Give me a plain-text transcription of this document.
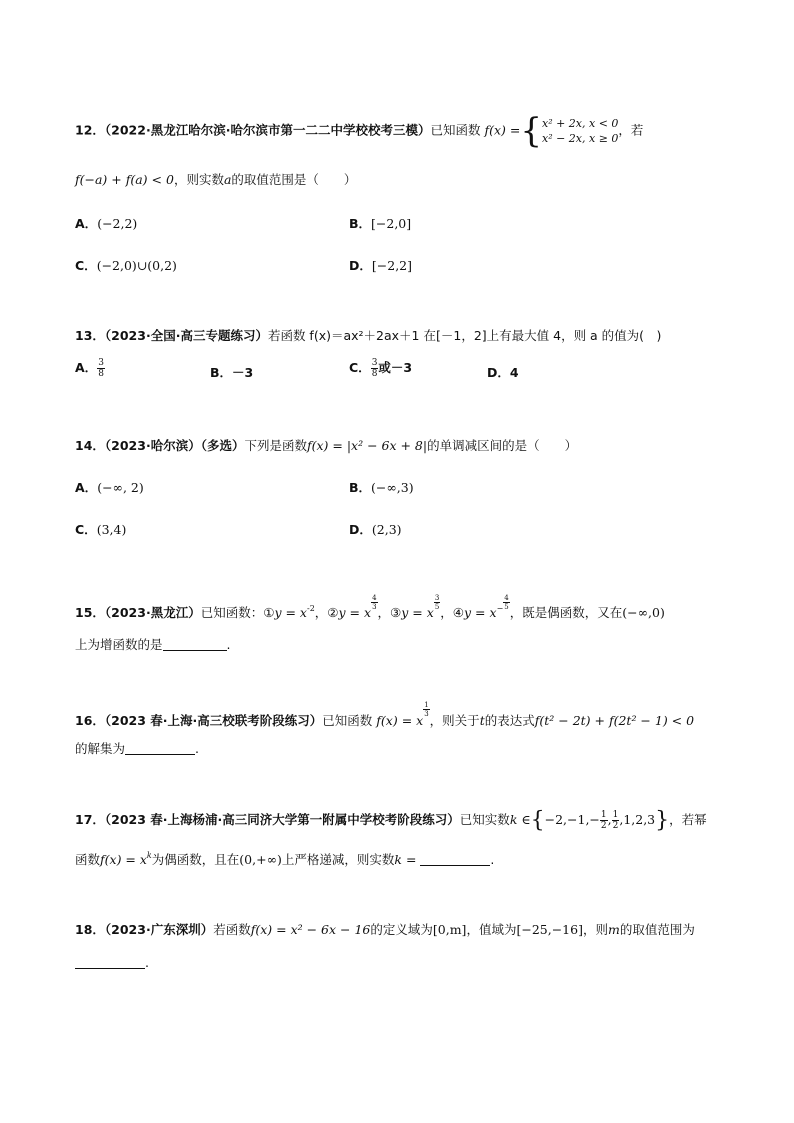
12．（2022·黑龙江哈尔滨·哈尔滨市第一二二中学校校考三模）已知函数 f(x) ={ x² + 2x, x < 0
x² − 2x, x ≥ 0
，若
f(−a) + f(a) < 0，则实数a的取值范围是（　　）
A．(−2,2)	B．[−2,0]
C．(−2,0)∪(0,2)	D．[−2,2]
13．（2023·全国·高三专题练习）若函数 f(x)＝ax²＋2ax＋1 在[－1，2]上有最大值 4，则 a 的值为(　)
A． $\frac{3}{8}$	B．－3	C． $\frac{3}{8}$ 或－3	D．4
14．（2023·哈尔滨）（多选）下列是函数f(x) = |x² − 6x + 8|的单调减区间的是（　　）
A．(−∞, 2)	B．(−∞,3)
C．(3,4)	D．(2,3)
15．（2023·黑龙江）已知函数：①y = $x^{-2}$，②y = x
$\frac{4}{3}$
，③y = x
$\frac{3}{5}$
，④y = $x^- \frac{4}{5}$
，既是偶函数，又在(−∞,0)
上为增函数的是	.
16．（2023 春·上海·高三校联考阶段练习）已知函数 f(x) = x
$\frac{1}{3}$
，则关于t的表达式f(t² − 2t) + f(2t² − 1) < 0
的解集为	.
17．（2023 春·上海杨浦·高三同济大学第一附属中学校考阶段练习）已知实数k ∈{−2,−1,− $\frac{1}{2}$ , $\frac{1}{2} ,1,2,3$}，若幂
函数$f(x) = x^k$为偶函数，且在(0,+∞)上严格递减，则实数k =	.
18．（2023·广东深圳）若函数f(x) = x² − 6x − 16的定义域为[0,m]，值域为[−25,−16]，则m的取值范围为
.
